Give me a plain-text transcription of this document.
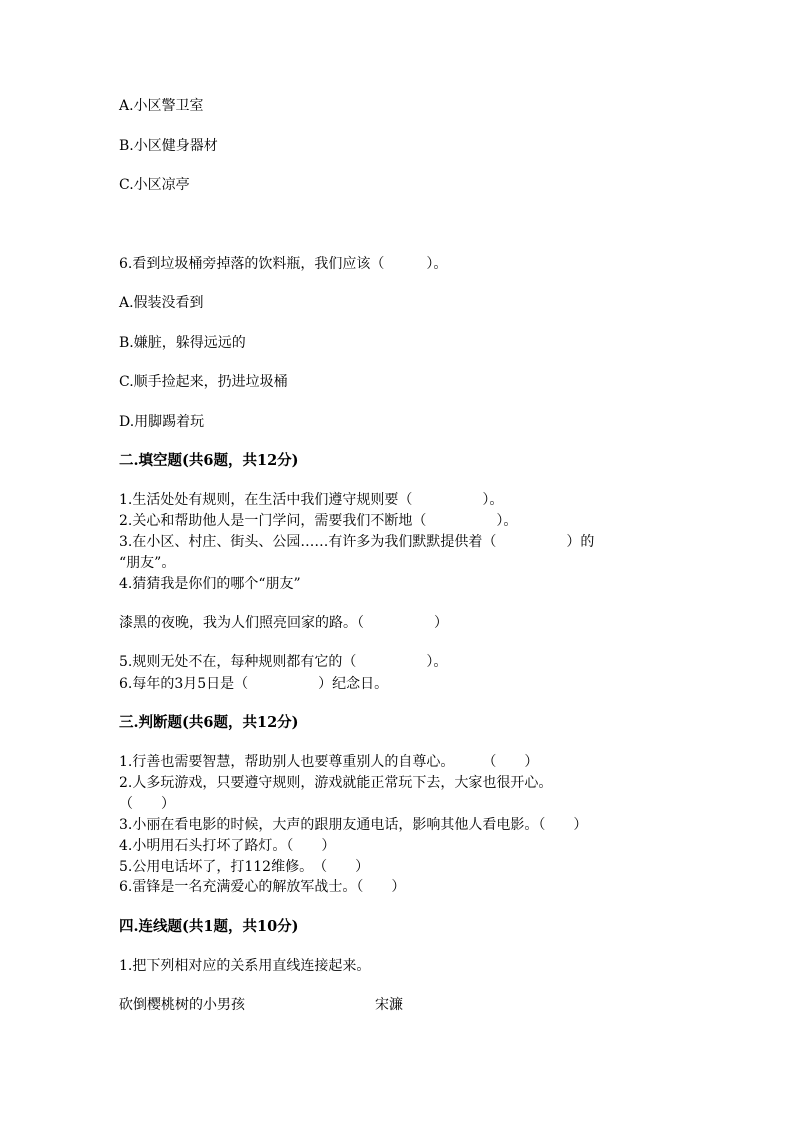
A.小区警卫室
B.小区健身器材
C.小区凉亭
6.看到垃圾桶旁掉落的饮料瓶，我们应该（　　　）。
A.假装没看到
B.嫌脏，躲得远远的
C.顺手捡起来，扔进垃圾桶
D.用脚踢着玩
二.填空题(共6题，共12分)
1.生活处处有规则，在生活中我们遵守规则要（　　　　　）。
2.关心和帮助他人是一门学问，需要我们不断地（　　　　　）。
3.在小区、村庄、街头、公园……有许多为我们默默提供着（　　　　　）的
“朋友”。
4.猜猜我是你们的哪个“朋友”
漆黑的夜晚，我为人们照亮回家的路。（　　　　　）
5.规则无处不在，每种规则都有它的（　　　　　）。
6.每年的3月5日是（　　　　　）纪念日。
三.判断题(共6题，共12分)
1.行善也需要智慧，帮助别人也要尊重别人的自尊心。　　　（　　）
2.人多玩游戏，只要遵守规则，游戏就能正常玩下去，大家也很开心。
（　　）
3.小丽在看电影的时候，大声的跟朋友通电话，影响其他人看电影。（　　）
4.小明用石头打坏了路灯。（　　）
5.公用电话坏了，打112维修。　（　　）
6.雷锋是一名充满爱心的解放军战士。（　　）
四.连线题(共1题，共10分)
1.把下列相对应的关系用直线连接起来。
砍倒樱桃树的小男孩	宋濂
